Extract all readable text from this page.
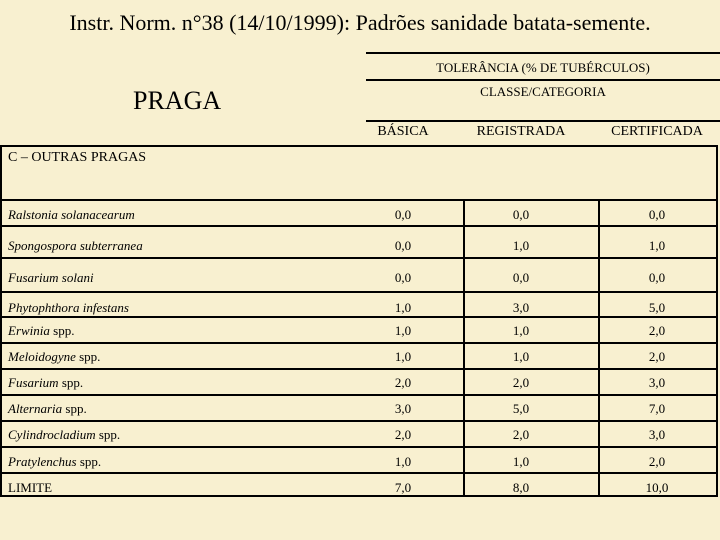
Instr. Norm. n°38 (14/10/1999): Padrões sanidade batata-semente.
PRAGA
TOLERÂNCIA (% DE TUBÉRCULOS)
CLASSE/CATEGORIA
BÁSICA	REGISTRADA	CERTIFICADA
C – OUTRAS PRAGAS
Ralstonia solanacearum	0,0	0,0	0,0
Spongospora subterranea	0,0	1,0	1,0
Fusarium solani	0,0	0,0	0,0
Phytophthora infestans	1,0	3,0	5,0
Erwinia spp.	1,0	1,0	2,0
Meloidogyne spp.	1,0	1,0	2,0
Fusarium spp.	2,0	2,0	3,0
Alternaria spp.	3,0	5,0	7,0
Cylindrocladium spp.	2,0	2,0	3,0
Pratylenchus spp.	1,0	1,0	2,0
LIMITE	7,0	8,0	10,0
